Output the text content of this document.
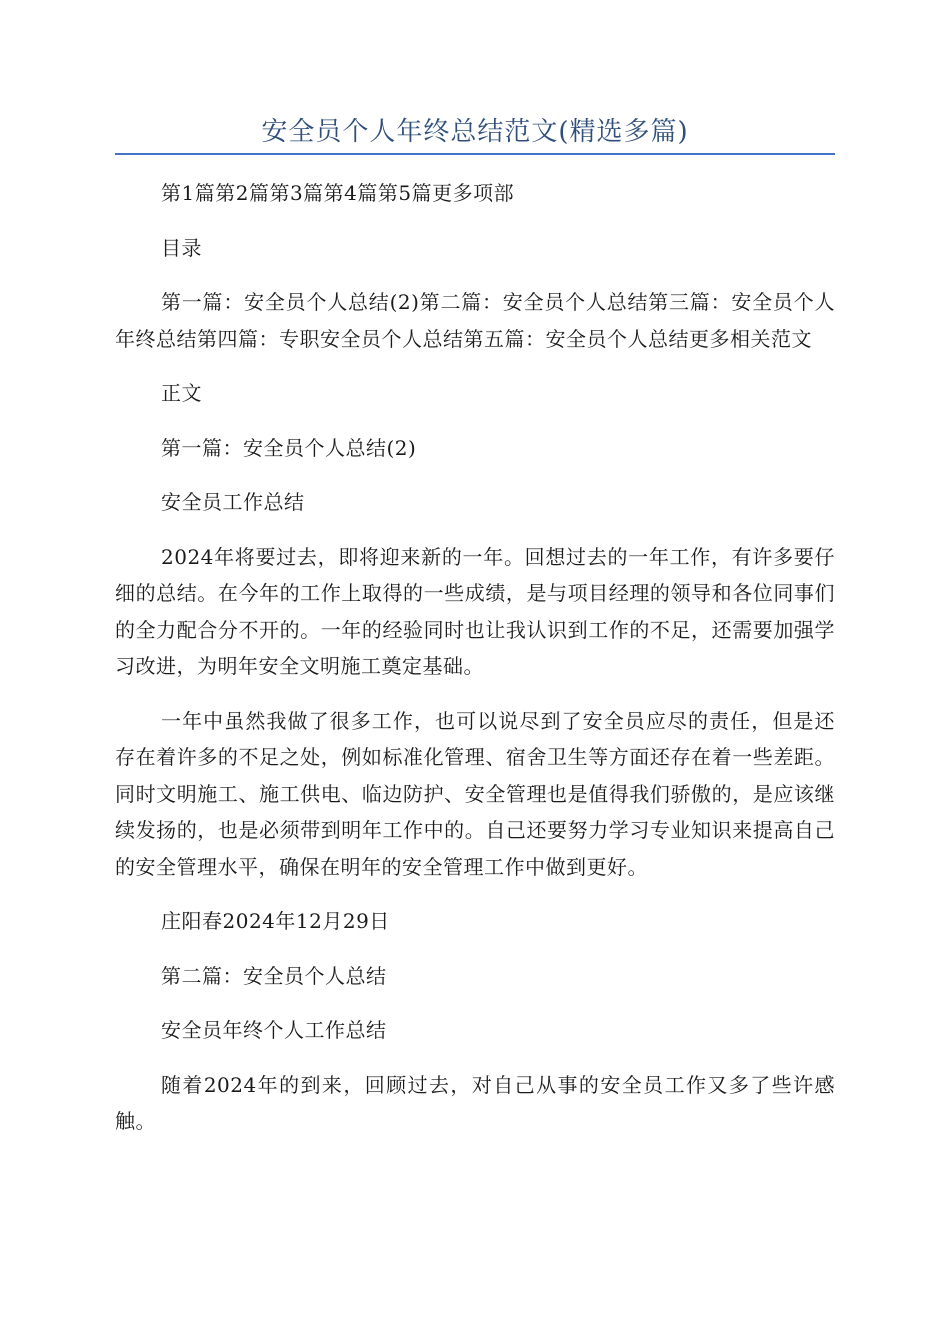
安全员个人年终总结范文(精选多篇)

第1篇第2篇第3篇第4篇第5篇更多项部

目录

第一篇：安全员个人总结(2)第二篇：安全员个人总结第三篇：安全员个人年终总结第四篇：专职安全员个人总结第五篇：安全员个人总结更多相关范文

正文

第一篇：安全员个人总结(2)

安全员工作总结

2024年将要过去，即将迎来新的一年。回想过去的一年工作，有许多要仔细的总结。在今年的工作上取得的一些成绩，是与项目经理的领导和各位同事们的全力配合分不开的。一年的经验同时也让我认识到工作的不足，还需要加强学习改进，为明年安全文明施工奠定基础。

一年中虽然我做了很多工作，也可以说尽到了安全员应尽的责任，但是还存在着许多的不足之处，例如标准化管理、宿舍卫生等方面还存在着一些差距。同时文明施工、施工供电、临边防护、安全管理也是值得我们骄傲的，是应该继续发扬的，也是必须带到明年工作中的。自己还要努力学习专业知识来提高自己的安全管理水平，确保在明年的安全管理工作中做到更好。

庄阳春2024年12月29日

第二篇：安全员个人总结

安全员年终个人工作总结

随着2024年的到来，回顾过去，对自己从事的安全员工作又多了些许感触。
